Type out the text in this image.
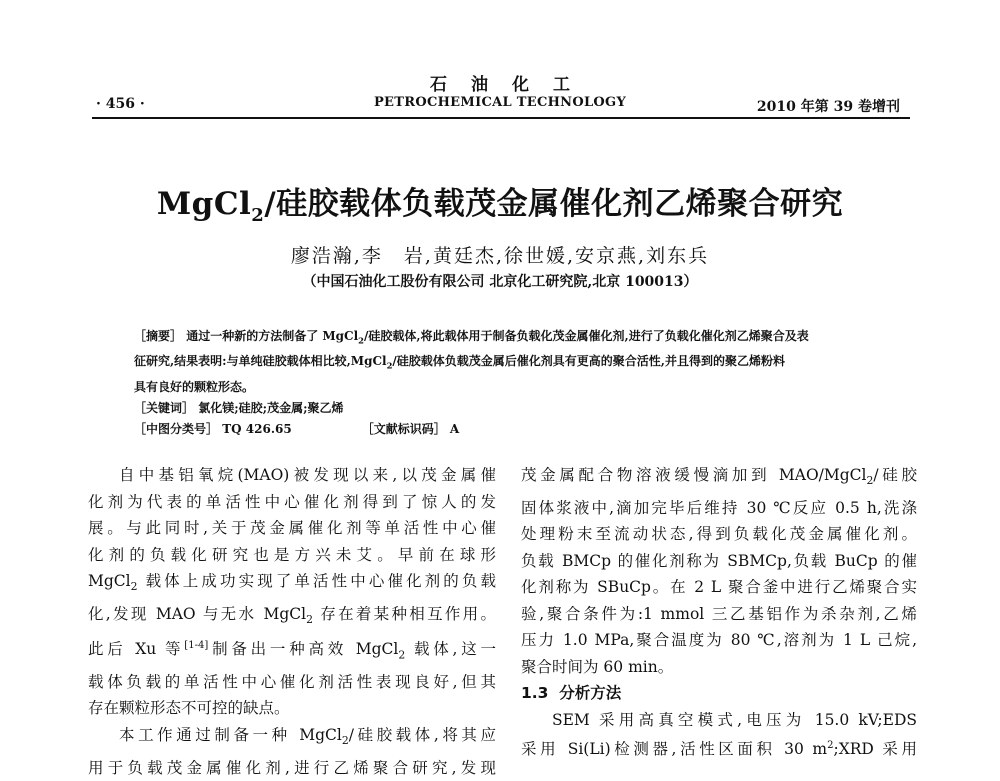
石油化工
· 456 ·	PETROCHEMICAL TECHNOLOGY	2010 年第 39 卷增刊
MgCl$_2$/硅胶载体负载茂金属催化剂乙烯聚合研究
廖浩瀚,李　岩,黄廷杰,徐世媛,安京燕,刘东兵
（中国石油化工股份有限公司 北京化工研究院,北京 100013）
［摘要］ 通过一种新的方法制备了 MgCl$_2$/硅胶载体,将此载体用于制备负载化茂金属催化剂,进行了负载化催化剂乙烯聚合及表
征研究,结果表明:与单纯硅胶载体相比较,MgCl$_2$/硅胶载体负载茂金属后催化剂具有更高的聚合活性,并且得到的聚乙烯粉料
具有良好的颗粒形态。
［关键词］ 氯化镁;硅胶;茂金属;聚乙烯
［中图分类号］ TQ 426.65	［文献标识码］ A
自中基铝氧烷(MAO)被发现以来,以茂金属催
化剂为代表的单活性中心催化剂得到了惊人的发
展。与此同时,关于茂金属催化剂等单活性中心催
化剂的负载化研究也是方兴未艾。早前在球形
MgCl$_2$ 载体上成功实现了单活性中心催化剂的负载
化,发现 MAO 与无水 MgCl$_2$ 存在着某种相互作用。
此后 Xu 等[1-4]制备出一种高效 MgCl$_2$ 载体,这一
载体负载的单活性中心催化剂活性表现良好,但其
存在颗粒形态不可控的缺点。
本工作通过制备一种 MgCl$_2$/硅胶载体,将其应
用于负载茂金属催化剂,进行乙烯聚合研究,发现
茂金属配合物溶液缓慢滴加到 MAO/MgCl$_2$/硅胶
固体浆液中,滴加完毕后维持 30 ℃反应 0.5 h,洗涤
处理粉末至流动状态,得到负载化茂金属催化剂。
负载 BMCp 的催化剂称为 SBMCp,负载 BuCp 的催
化剂称为 SBuCp。在 2 L 聚合釜中进行乙烯聚合实
验,聚合条件为:1 mmol 三乙基铝作为杀杂剂,乙烯
压力 1.0 MPa,聚合温度为 80 ℃,溶剂为 1 L 己烷,
聚合时间为 60 min。
1.3 分析方法
SEM 采用高真空模式,电压为 15.0 kV;EDS
采用 Si(Li)检测器,活性区面积 30 $m^2;XRD$ 采用
